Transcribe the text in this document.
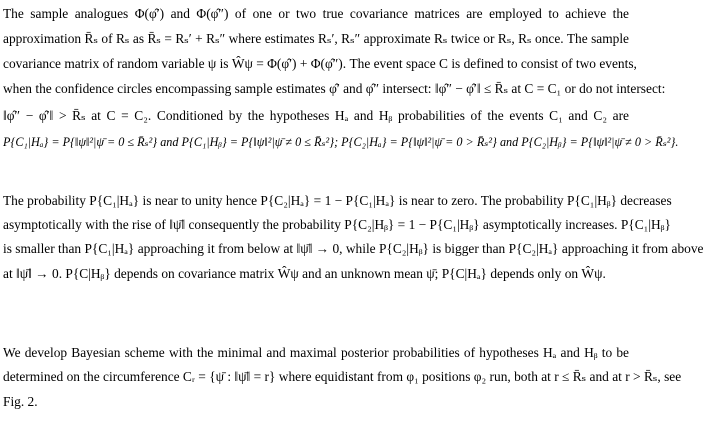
The sample analogues Φ(φ̂′) and Φ(φ̂″) of one or two true covariance matrices are employed to achieve the
approximation R̄ₛ of Rₛ as R̄ₛ = Rₛ′ + Rₛ″ where estimates Rₛ′, Rₛ″ approximate Rₛ twice or Rₛ, Rₛ once. The sample
covariance matrix of random variable ψ is Ŵψ = Φ(φ̂′) + Φ(φ̂″). The event space C is defined to consist of two events,
when the confidence circles encompassing sample estimates φ̂′ and φ̂″ intersect: ‖φ̂″ − φ̂′‖ ≤ R̄ₛ at C = C₁ or do not intersect:
‖φ̂″ − φ̂′‖ > R̄ₛ at C = C₂. Conditioned by the hypotheses Hₐ and Hᵦ probabilities of the events C₁ and C₂ are
P{C₁|Hₐ} = P{‖ψ‖²|ψ̄ = 0 ≤ R̄ₛ²} and P{C₁|Hᵦ} = P{‖ψ‖²|ψ̄ ≠ 0 ≤ R̄ₛ²}; P{C₂|Hₐ} = P{‖ψ‖²|ψ̄ = 0 > R̄ₛ²} and P{C₂|Hᵦ} = P{‖ψ‖²|ψ̄ ≠ 0 > R̄ₛ²}.
The probability P{C₁|Hₐ} is near to unity hence P{C₂|Hₐ} = 1 − P{C₁|Hₐ} is near to zero. The probability P{C₁|Hᵦ} decreases
asymptotically with the rise of ‖ψ̄‖ consequently the probability P{C₂|Hᵦ} = 1 − P{C₁|Hᵦ} asymptotically increases. P{C₁|Hᵦ}
is smaller than P{C₁|Hₐ} approaching it from below at ‖ψ̄‖ → 0, while P{C₂|Hᵦ} is bigger than P{C₂|Hₐ} approaching it from above
at ‖ψ̄‖ → 0. P{C|Hᵦ} depends on covariance matrix Ŵψ and an unknown mean ψ̄; P{C|Hₐ} depends only on Ŵψ.
We develop Bayesian scheme with the minimal and maximal posterior probabilities of hypotheses Hₐ and Hᵦ to be
determined on the circumference Cᵣ = {ψ̄ : ‖ψ̄‖ = r} where equidistant from φ₁ positions φ₂ run, both at r ≤ R̄ₛ and at r > R̄ₛ, see
Fig. 2.
